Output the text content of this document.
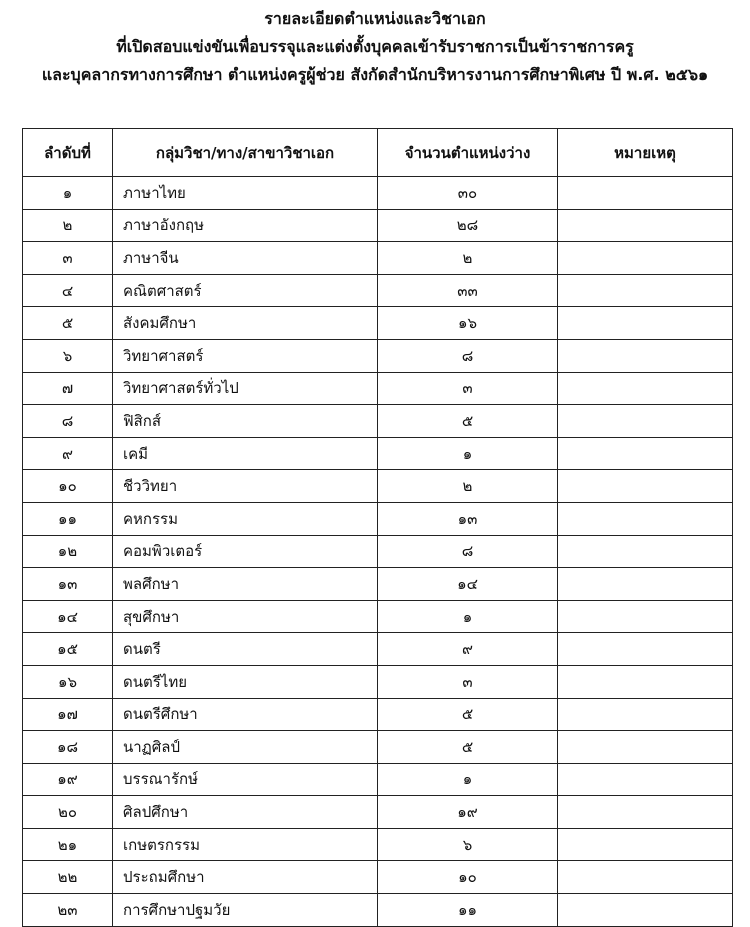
รายละเอียดตำแหน่งและวิชาเอก
ที่เปิดสอบแข่งขันเพื่อบรรจุและแต่งตั้งบุคคลเข้ารับราชการเป็นข้าราชการครู
และบุคลากรทางการศึกษา ตำแหน่งครูผู้ช่วย สังกัดสำนักบริหารงานการศึกษาพิเศษ ปี พ.ศ. ๒๕๖๑
ลำดับที่	กลุ่มวิชา/ทาง/สาขาวิชาเอก	จำนวนตำแหน่งว่าง	หมายเหตุ
๑	ภาษาไทย	๓๐	
๒	ภาษาอังกฤษ	๒๘	
๓	ภาษาจีน	๒	
๔	คณิตศาสตร์	๓๓	
๕	สังคมศึกษา	๑๖	
๖	วิทยาศาสตร์	๘	
๗	วิทยาศาสตร์ทั่วไป	๓	
๘	ฟิสิกส์	๕	
๙	เคมี	๑	
๑๐	ชีววิทยา	๒	
๑๑	คหกรรม	๑๓	
๑๒	คอมพิวเตอร์	๘	
๑๓	พลศึกษา	๑๔	
๑๔	สุขศึกษา	๑	
๑๕	ดนตรี	๙	
๑๖	ดนตรีไทย	๓	
๑๗	ดนตรีศึกษา	๕	
๑๘	นาฏศิลป์	๕	
๑๙	บรรณารักษ์	๑	
๒๐	ศิลปศึกษา	๑๙	
๒๑	เกษตรกรรม	๖	
๒๒	ประถมศึกษา	๑๐	
๒๓	การศึกษาปฐมวัย	๑๑	
